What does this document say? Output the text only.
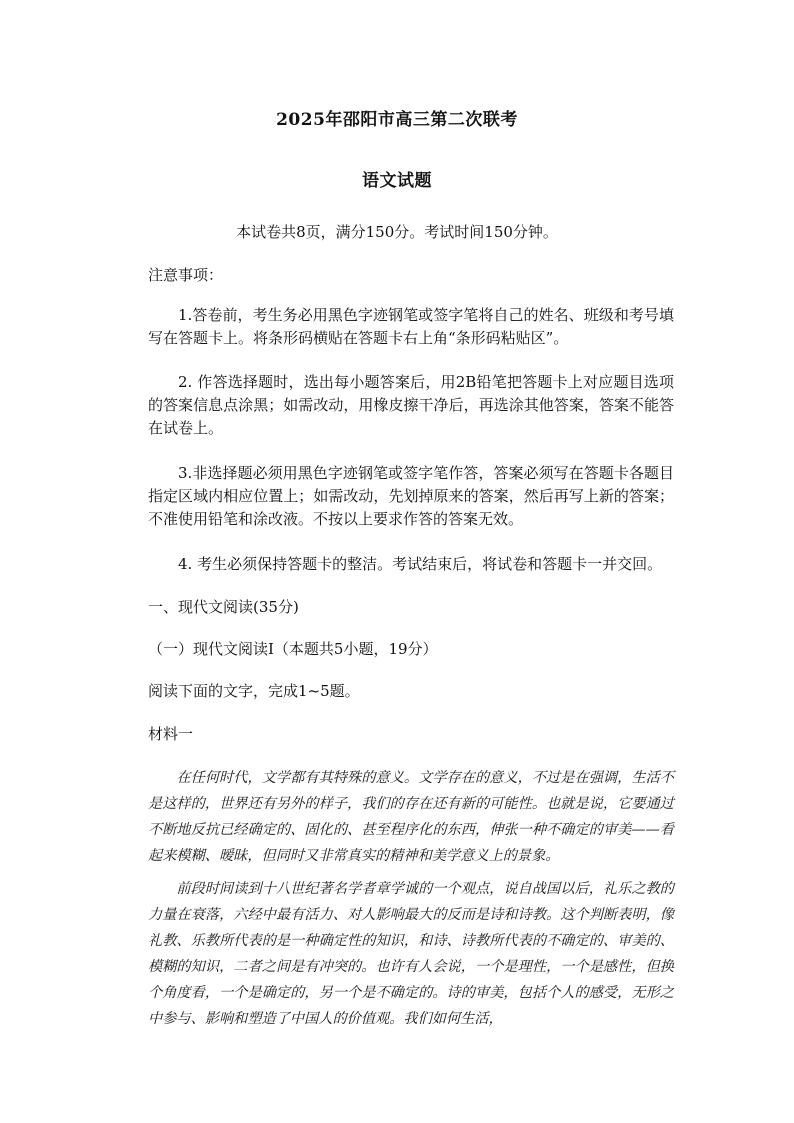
2025年邵阳市高三第二次联考
语文试题
本试卷共8页，满分150分。考试时间150分钟。
注意事项：
1.答卷前，考生务必用黑色字迹钢笔或签字笔将自己的姓名、班级和考号填写在答题卡上。将条形码横贴在答题卡右上角“条形码粘贴区”。
2. 作答选择题时，选出每小题答案后，用2B铅笔把答题卡上对应题目选项的答案信息点涂黑；如需改动，用橡皮擦干净后，再选涂其他答案，答案不能答在试卷上。
3.非选择题必须用黑色字迹钢笔或签字笔作答，答案必须写在答题卡各题目指定区域内相应位置上；如需改动，先划掉原来的答案，然后再写上新的答案；不准使用铅笔和涂改液。不按以上要求作答的答案无效。
4. 考生必须保持答题卡的整洁。考试结束后，将试卷和答题卡一并交回。
一、现代文阅读(35分)
（一）现代文阅读Ⅰ（本题共5小题，19分）
阅读下面的文字，完成1~5题。
材料一
在任何时代，文学都有其特殊的意义。文学存在的意义，不过是在强调，生活不是这样的，世界还有另外的样子，我们的存在还有新的可能性。也就是说，它要通过不断地反抗已经确定的、固化的、甚至程序化的东西，伸张一种不确定的审美——看起来模糊、暧昧，但同时又非常真实的精神和美学意义上的景象。
前段时间读到十八世纪著名学者章学诚的一个观点，说自战国以后，礼乐之教的力量在衰落，六经中最有活力、对人影响最大的反而是诗和诗教。这个判断表明，像礼教、乐教所代表的是一种确定性的知识，和诗、诗教所代表的不确定的、审美的、模糊的知识，二者之间是有冲突的。也许有人会说，一个是理性，一个是感性，但换个角度看，一个是确定的，另一个是不确定的。诗的审美，包括个人的感受，无形之中参与、影响和塑造了中国人的价值观。我们如何生活，
